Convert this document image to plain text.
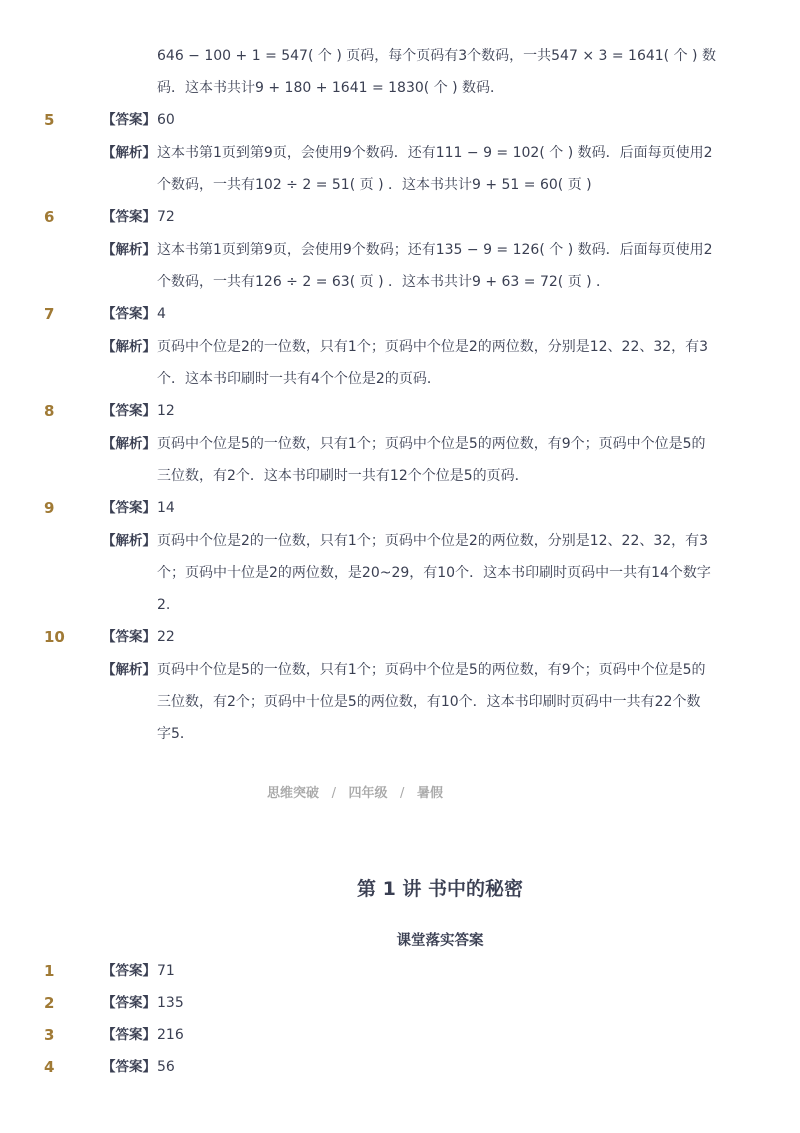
646 − 100 + 1 = 547( 个 ) 页码，每个页码有3个数码，一共547 × 3 = 1641( 个 ) 数
码．这本书共计9 + 180 + 1641 = 1830( 个 ) 数码．
5	【答案】 60
【解析】 这本书第1页到第9页，会使用9个数码．还有111 − 9 = 102( 个 ) 数码．后面每页使用2
个数码，一共有102 ÷ 2 = 51( 页 ) ．这本书共计9 + 51 = 60( 页 )
6	【答案】 72
【解析】 这本书第1页到第9页，会使用9个数码；还有135 − 9 = 126( 个 ) 数码．后面每页使用2
个数码，一共有126 ÷ 2 = 63( 页 ) ．这本书共计9 + 63 = 72( 页 ) ．
7	【答案】 4
【解析】 页码中个位是2的一位数，只有1个；页码中个位是2的两位数，分别是12、22、32，有3
个．这本书印刷时一共有4个个位是2的页码．
8	【答案】 12
【解析】 页码中个位是5的一位数，只有1个；页码中个位是5的两位数，有9个；页码中个位是5的
三位数，有2个．这本书印刷时一共有12个个位是5的页码．
9	【答案】 14
【解析】 页码中个位是2的一位数，只有1个；页码中个位是2的两位数，分别是12、22、32，有3
个；页码中十位是2的两位数，是20~29，有10个．这本书印刷时页码中一共有14个数字
2.
10	【答案】 22
【解析】 页码中个位是5的一位数，只有1个；页码中个位是5的两位数，有9个；页码中个位是5的
三位数，有2个；页码中十位是5的两位数，有10个．这本书印刷时页码中一共有22个数
字5．
思维突破 / 四年级 / 暑假
第 1 讲 书中的秘密
课堂落实答案
1	【答案】 71
2	【答案】 135
3	【答案】 216
4	【答案】 56
